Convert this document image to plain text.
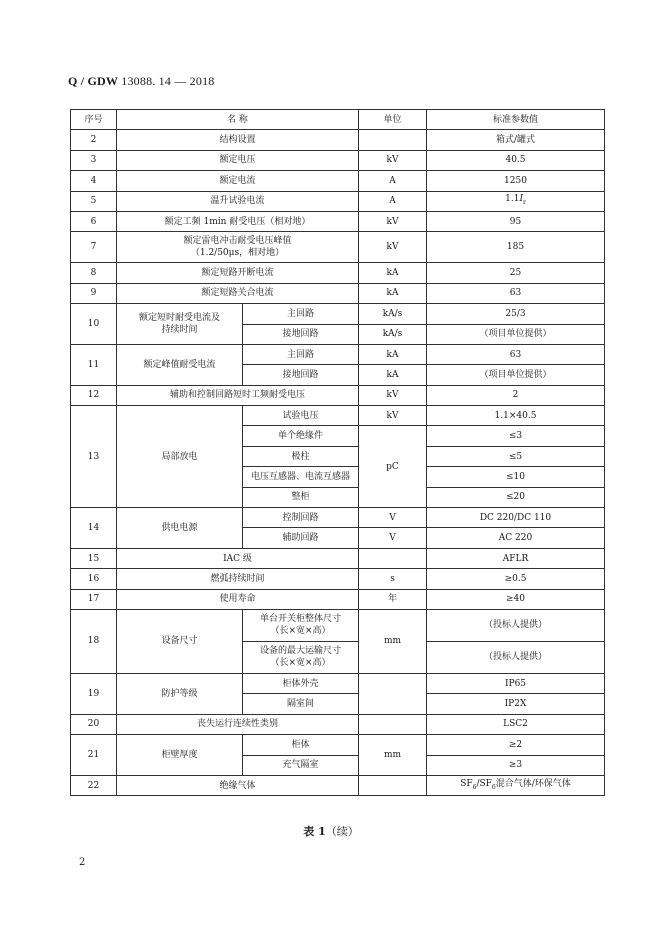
Q / GDW 13088. 14 — 2018
序号	名 称		单位	标准参数值
2	结构设置			箱式/罐式
3	额定电压		kV	40.5
4	额定电流		A	1250
5	温升试验电流		A	$1.1I_r$
6	额定工频 1min 耐受电压（相对地）		kV	95
7	额定雷电冲击耐受电压峰值
（1.2/50μs，相对地）		kV	185
8	额定短路开断电流		kA	25
9	额定短路关合电流		kA	63
10	额定短时耐受电流及
持续时间	主回路	kA/s	25/3
		接地回路	kA/s	（项目单位提供）
11	额定峰值耐受电流	主回路	kA	63
		接地回路	kA	（项目单位提供）
12	辅助和控制回路短时工频耐受电压		kV	2
13	局部放电	试验电压	kV	1.1×40.5
		单个绝缘件	pC	≤3
		极柱		≤5
		电压互感器、电流互感器		≤10
		整柜		≤20
14	供电电源	控制回路	V	DC 220/DC 110
		辅助回路	V	AC 220
15	IAC 级			AFLR
16	燃弧持续时间		s	≥0.5
17	使用寿命		年	≥40
18	设备尺寸	单台开关柜整体尺寸
（长×宽×高）	mm	（投标人提供）

		设备的最大运输尺寸
（长×宽×高）		（投标人提供）
19	防护等级	柜体外壳		IP65
		隔室间		IP2X
20	丧失运行连续性类别			LSC2
21	柜壁厚度	柜体	mm	≥2
		充气隔室		≥3
22	绝缘气体			$SF_6/SF_6$混合气体/环保气体
表 1（续）
2
